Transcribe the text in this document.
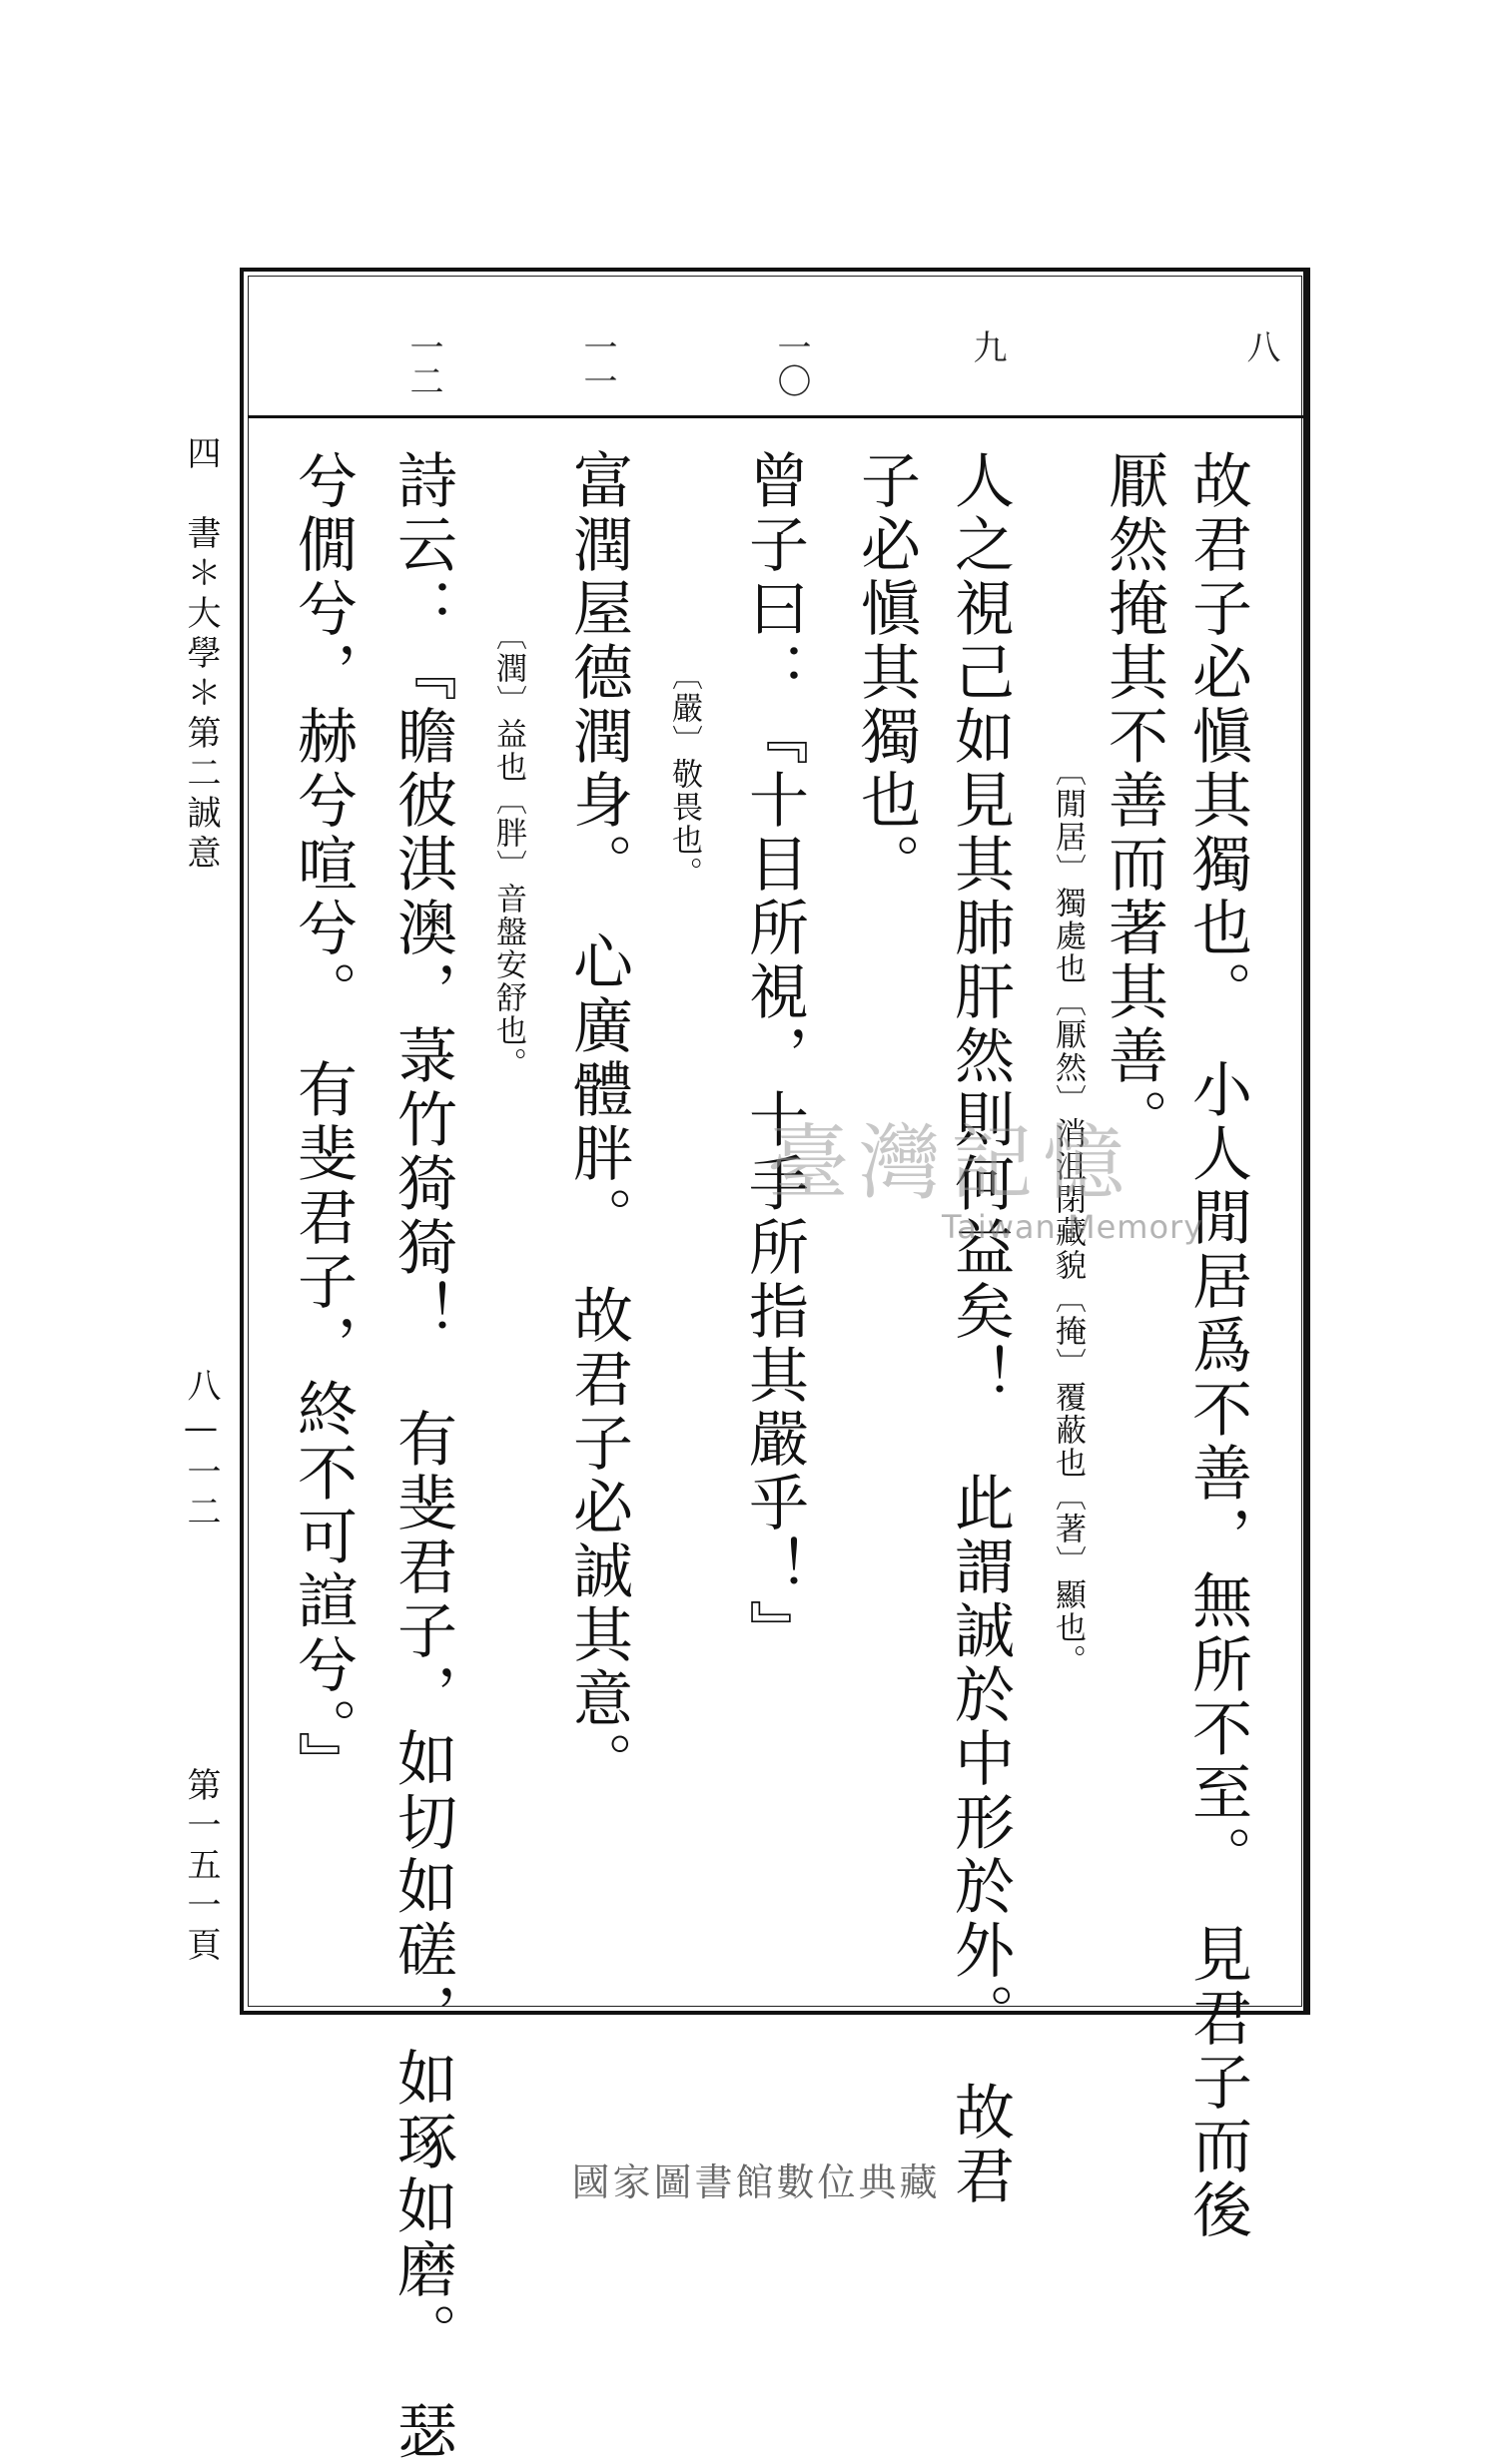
八
九
一〇
一一
一二
故君子必愼其獨也。　小人閒居爲不善，無所不至。　見君子而後
厭然掩其不善而著其善。
〔閒居〕獨處也〔厭然〕消沮閉藏貌〔掩〕覆蔽也〔著〕顯也。
人之視己如見其肺肝然則何益矣！　此謂誠於中形於外。　故君
子必愼其獨也。
曾子曰：『十目所視，十手所指其嚴乎！』
〔嚴〕敬畏也。
富潤屋德潤身。　心廣體胖。　故君子必誠其意。
〔潤〕益也〔胖〕音盤安舒也。
詩云：『瞻彼淇澳，菉竹猗猗！　有斐君子，如切如磋，如琢如磨。　瑟
兮僩兮，赫兮喧兮。　有斐君子，終不可諠兮。』
四　書＊大學＊第二誠意
八—一二
第一五一頁
臺灣記憶
Taiwan Memory
國家圖書館數位典藏
